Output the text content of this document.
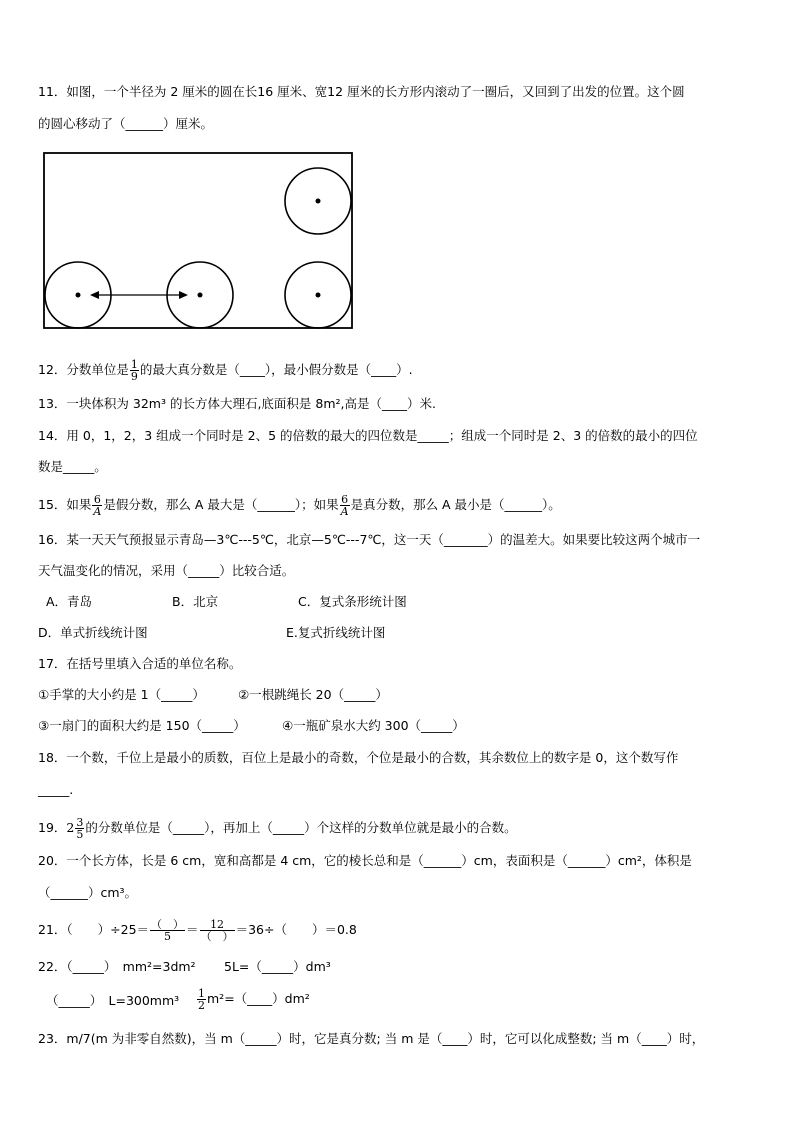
11．如图，一个半径为 2 厘米的圆在长16 厘米、宽12 厘米的长方形内滚动了一圈后，又回到了出发的位置。这个圆
的圆心移动了（______）厘米。
12．分数单位是 $\frac{1}{9}$ 的最大真分数是（____），最小假分数是（____）.
13．一块体积为 32m³ 的长方体大理石,底面积是 8m²,高是（____）米.
14．用 0，1，2，3 组成一个同时是 2、5 的倍数的最大的四位数是_____；组成一个同时是 2、3 的倍数的最小的四位
数是_____。
15．如果 $\frac{6}{A}$ 是假分数，那么 A 最大是（______）；如果 $\frac{6}{A}$ 是真分数，那么 A 最小是（______）。
16．某一天天气预报显示青岛—3℃---5℃，北京—5℃---7℃，这一天（_______）的温差大。如果要比较这两个城市一
天气温变化的情况，采用（_____）比较合适。
A．青岛	B．北京	C．复式条形统计图
D．单式折线统计图	E.复式折线统计图
17．在括号里填入合适的单位名称。
①手掌的大小约是 1（_____）	②一根跳绳长 20（_____）
③一扇门的面积大约是 150（_____）	④一瓶矿泉水大约 300（_____）
18．一个数，千位上是最小的质数，百位上是最小的奇数，个位是最小的合数，其余数位上的数字是 0，这个数写作
_____.
19．$2 \frac{3}{5}$ 的分数单位是（_____），再加上（_____）个这样的分数单位就是最小的合数。
20．一个长方体，长是 6 cm，宽和高都是 4 cm，它的棱长总和是（______）cm，表面积是（______）cm²，体积是
（______）cm³。
21．（　　）$\div 25= \frac{( )}{5} = \frac{12}{( )} =36\div$（　　）＝0.8
22．（_____）　mm²=3dm² 5L=（_____）dm³
（_____）　$L=300mm^3 \frac{1}{2}$ m²=（____）dm²
23．m/7(m 为非零自然数)，当 m（_____）时，它是真分数; 当 m 是（____）时，它可以化成整数; 当 m（____）时，
